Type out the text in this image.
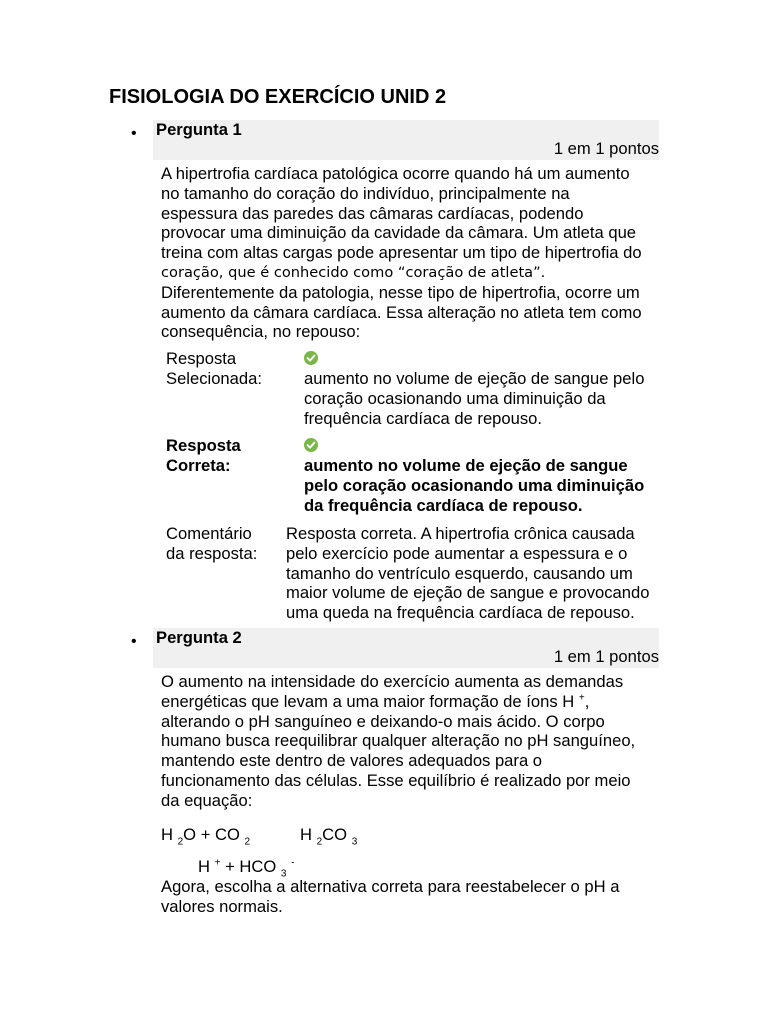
FISIOLOGIA DO EXERCÍCIO UNID 2
• Pergunta 1
1 em 1 pontos

A hipertrofia cardíaca patológica ocorre quando há um aumento

no tamanho do coração do indivíduo, principalmente na

espessura das paredes das câmaras cardíacas, podendo

provocar uma diminuição da cavidade da câmara. Um atleta que

treina com altas cargas pode apresentar um tipo de hipertrofia do

coração, que é conhecido como “coração de atleta”.

Diferentemente da patologia, nesse tipo de hipertrofia, ocorre um

aumento da câmara cardíaca. Essa alteração no atleta tem como

consequência, no repouso:

Resposta
Selecionada:	aumento no volume de ejeção de sangue pelo
coração ocasionando uma diminuição da
frequência cardíaca de repouso.
Resposta
Correta:	aumento no volume de ejeção de sangue
pelo coração ocasionando uma diminuição
da frequência cardíaca de repouso.
Comentário
da resposta:
Resposta correta. A hipertrofia crônica causada
pelo exercício pode aumentar a espessura e o
tamanho do ventrículo esquerdo, causando um
maior volume de ejeção de sangue e provocando
uma queda na frequência cardíaca de repouso.
• Pergunta 2
1 em 1 pontos

O aumento na intensidade do exercício aumenta as demandas

energéticas que levam a uma maior formação de íons H +,

alterando o pH sanguíneo e deixando-o mais ácido. O corpo

humano busca reequilibrar qualquer alteração no pH sanguíneo,

mantendo este dentro de valores adequados para o

funcionamento das células. Esse equilíbrio é realizado por meio

da equação:

H $_2$O + CO $_2$	H $_2$CO $_3$
H + + HCO $_3$ -

Agora, escolha a alternativa correta para reestabelecer o pH a

valores normais.
